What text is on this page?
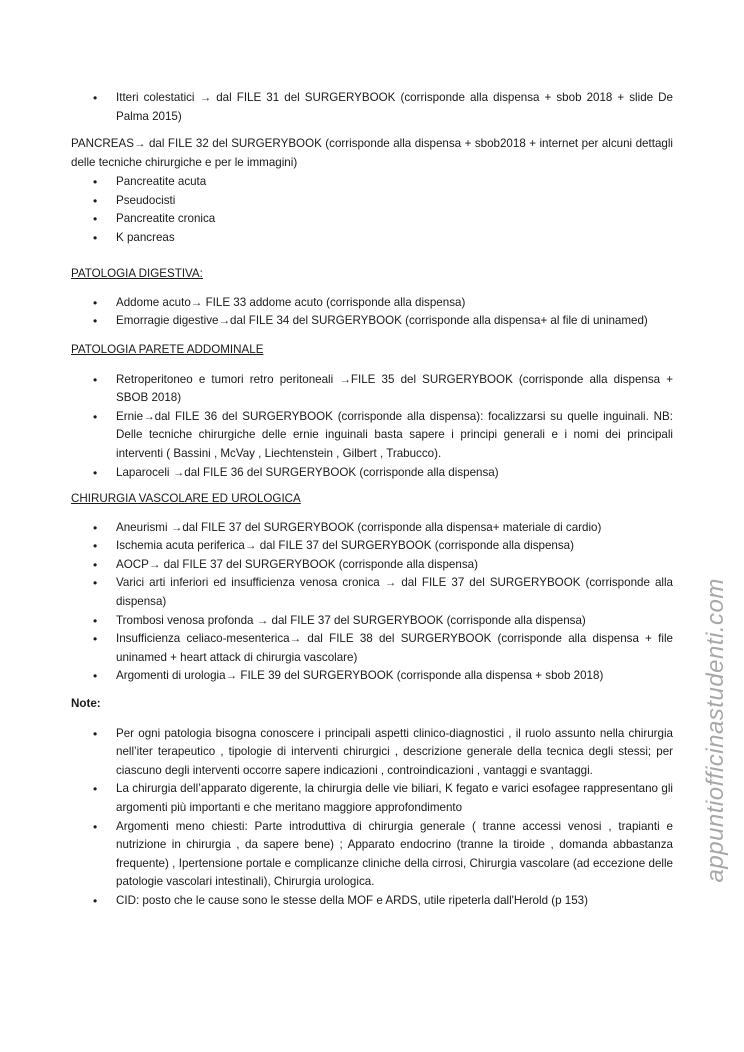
• Itteri colestatici → dal FILE 31 del SURGERYBOOK (corrisponde alla dispensa + sbob 2018 + slide De Palma 2015)

PANCREAS→ dal FILE 32 del SURGERYBOOK (corrisponde alla dispensa + sbob2018 + internet per alcuni dettagli delle tecniche chirurgiche e per le immagini)

• Pancreatite acuta
• Pseudocisti
• Pancreatite cronica
• K pancreas
PATOLOGIA DIGESTIVA:
• Addome acuto→ FILE 33 addome acuto (corrisponde alla dispensa)
• Emorragie digestive→dal FILE 34 del SURGERYBOOK (corrisponde alla dispensa+ al file di uninamed)
PATOLOGIA PARETE ADDOMINALE
• Retroperitoneo e tumori retro peritoneali →FILE 35 del SURGERYBOOK (corrisponde alla dispensa + SBOB 2018)
• Ernie→dal FILE 36 del SURGERYBOOK (corrisponde alla dispensa): focalizzarsi su quelle inguinali. NB: Delle tecniche chirurgiche delle ernie inguinali basta sapere i principi generali e i nomi dei principali interventi ( Bassini , McVay , Liechtenstein , Gilbert , Trabucco).
• Laparoceli →dal FILE 36 del SURGERYBOOK (corrisponde alla dispensa)
CHIRURGIA VASCOLARE ED UROLOGICA
• Aneurismi →dal FILE 37 del SURGERYBOOK (corrisponde alla dispensa+ materiale di cardio)
• Ischemia acuta periferica→ dal FILE 37 del SURGERYBOOK (corrisponde alla dispensa)
• AOCP→ dal FILE 37 del SURGERYBOOK (corrisponde alla dispensa)
• Varici arti inferiori ed insufficienza venosa cronica → dal FILE 37 del SURGERYBOOK (corrisponde alla dispensa)
• Trombosi venosa profonda → dal FILE 37 del SURGERYBOOK (corrisponde alla dispensa)
• Insufficienza celiaco-mesenterica→ dal FILE 38 del SURGERYBOOK (corrisponde alla dispensa + file uninamed + heart attack di chirurgia vascolare)
• Argomenti di urologia→ FILE 39 del SURGERYBOOK (corrisponde alla dispensa + sbob 2018)
Note:
• Per ogni patologia bisogna conoscere i principali aspetti clinico-diagnostici , il ruolo assunto nella chirurgia nell’iter terapeutico , tipologie di interventi chirurgici , descrizione generale della tecnica degli stessi; per ciascuno degli interventi occorre sapere indicazioni , controindicazioni , vantaggi e svantaggi.
• La chirurgia dell’apparato digerente, la chirurgia delle vie biliari, K fegato e varici esofagee rappresentano gli argomenti più importanti e che meritano maggiore approfondimento
• Argomenti meno chiesti: Parte introduttiva di chirurgia generale ( tranne accessi venosi , trapianti e nutrizione in chirurgia , da sapere bene) ; Apparato endocrino (tranne la tiroide , domanda abbastanza frequente) , Ipertensione portale e complicanze cliniche della cirrosi, Chirurgia vascolare (ad eccezione delle patologie vascolari intestinali), Chirurgia urologica.
• CID: posto che le cause sono le stesse della MOF e ARDS, utile ripeterla dall'Herold (p 153)
appuntiofficinastudenti.com
